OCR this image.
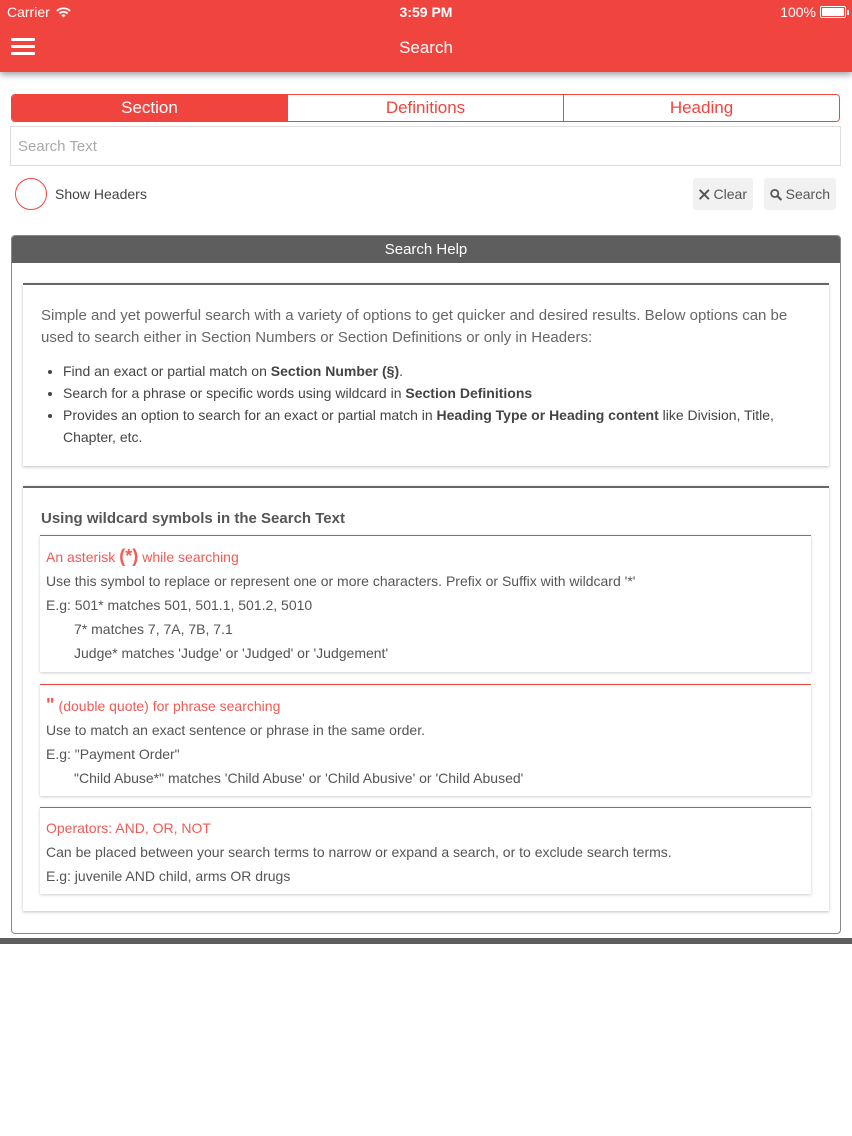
Carrier	3:59 PM	100%
Search
Section	Definitions	Heading
Search Text
Show Headers	Clear	Search
Search Help

Simple and yet powerful search with a variety of options to get quicker and desired results. Below options can be used to search either in Section Numbers or Section Definitions or only in Headers:

• Find an exact or partial match on Section Number (§).
• Search for a phrase or specific words using wildcard in Section Definitions
• Provides an option to search for an exact or partial match in Heading Type or Heading content like Division, Title, Chapter, etc.
Using wildcard symbols in the Search Text
An asterisk (*) while searching
Use this symbol to replace or represent one or more characters. Prefix or Suffix with wildcard '*'
E.g: 501* matches 501, 501.1, 501.2, 5010
7* matches 7, 7A, 7B, 7.1
Judge* matches 'Judge' or 'Judged' or 'Judgement'
" (double quote) for phrase searching
Use to match an exact sentence or phrase in the same order.
E.g: "Payment Order"
"Child Abuse*" matches 'Child Abuse' or 'Child Abusive' or 'Child Abused'
Operators: AND, OR, NOT
Can be placed between your search terms to narrow or expand a search, or to exclude search terms.
E.g: juvenile AND child, arms OR drugs
